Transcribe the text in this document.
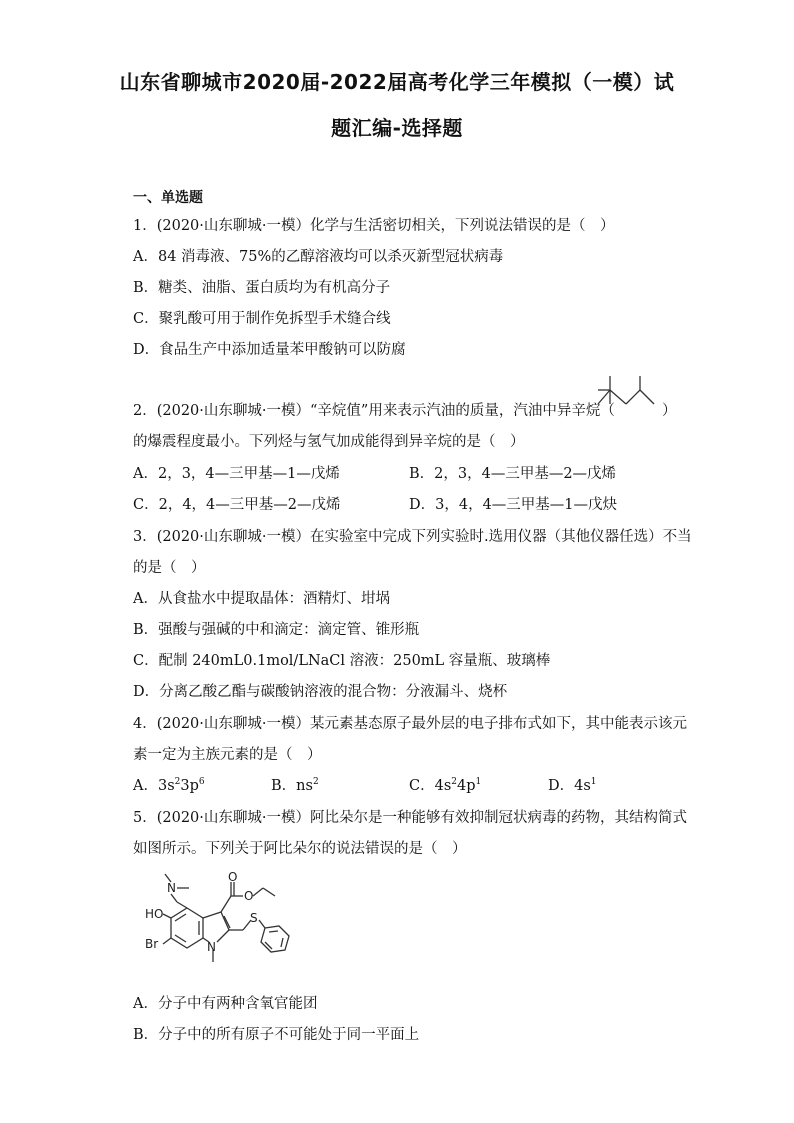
山东省聊城市2020届-2022届高考化学三年模拟（一模）试
题汇编-选择题
一、单选题
1．(2020·山东聊城·一模）化学与生活密切相关，下列说法错误的是（　）
A．84 消毒液、75%的乙醇溶液均可以杀灭新型冠状病毒
B．糖类、油脂、蛋白质均为有机高分子
C．聚乳酸可用于制作免拆型手术缝合线
D．食品生产中添加适量苯甲酸钠可以防腐
2．(2020·山东聊城·一模）“辛烷值”用来表示汽油的质量，汽油中异辛烷（	）
的爆震程度最小。下列烃与氢气加成能得到异辛烷的是（　）
A．2，3，4—三甲基—1—戊烯	B．2，3，4—三甲基—2—戊烯
C．2，4，4—三甲基—2—戊烯	D．3，4，4—三甲基—1—戊炔
3．(2020·山东聊城·一模）在实验室中完成下列实验时.选用仪器（其他仪器任选）不当
的是（　）
A．从食盐水中提取晶体：酒精灯、坩埚
B．强酸与强碱的中和滴定：滴定管、锥形瓶
C．配制 240mL0.1mol/LNaCl 溶液：250mL 容量瓶、玻璃棒
D．分离乙酸乙酯与碳酸钠溶液的混合物：分液漏斗、烧杯
4．(2020·山东聊城·一模）某元素基态原子最外层的电子排布式如下，其中能表示该元
素一定为主族元素的是（　）
A．$3s^23p^6$	B．$ns^2$	C．$4s^24p^1$	D．$4s^1$
5．(2020·山东聊城·一模）阿比朵尔是一种能够有效抑制冠状病毒的药物，其结构简式
如图所示。下列关于阿比朵尔的说法错误的是（　）
N
HO
Br	N
O
O
S
A．分子中有两种含氧官能团
B．分子中的所有原子不可能处于同一平面上
